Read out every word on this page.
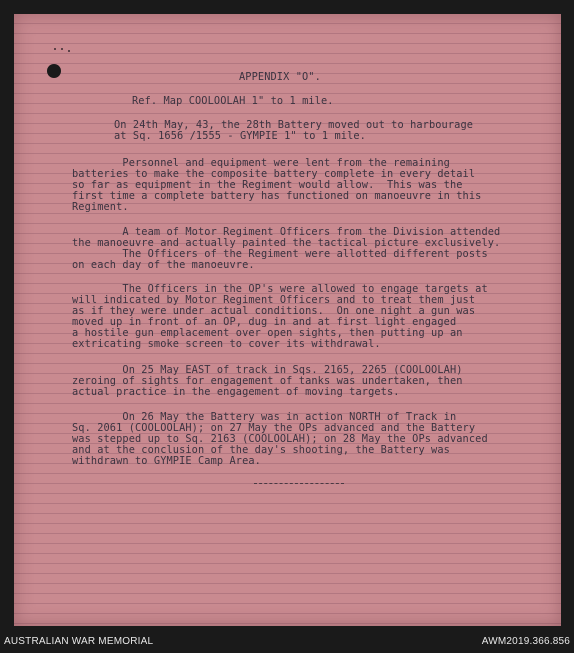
APPENDIX "O".
Ref. Map COOLOOLAH 1" to 1 mile.
On 24th May, 43, the 28th Battery moved out to harbourage
at Sq. 1656 /1555 - GYMPIE 1" to 1 mile.
Personnel and equipment were lent from the remaining
batteries to make the composite battery complete in every detail
so far as equipment in the Regiment would allow.  This was the
first time a complete battery has functioned on manoeuvre in this
Regiment.
A team of Motor Regiment Officers from the Division attended
the manoeuvre and actually painted the tactical picture exclusively.
The Officers of the Regiment were allotted different posts
on each day of the manoeuvre.
The Officers in the OP's were allowed to engage targets at
will indicated by Motor Regiment Officers and to treat them just
as if they were under actual conditions.  On one night a gun was
moved up in front of an OP, dug in and at first light engaged
a hostile gun emplacement over open sights, then putting up an
extricating smoke screen to cover its withdrawal.
On 25 May EAST of track in Sqs. 2165, 2265 (COOLOOLAH)
zeroing of sights for engagement of tanks was undertaken, then
actual practice in the engagement of moving targets.
On 26 May the Battery was in action NORTH of Track in
Sq. 2061 (COOLOOLAH); on 27 May the OPs advanced and the Battery
was stepped up to Sq. 2163 (COOLOOLAH); on 28 May the OPs advanced
and at the conclusion of the day's shooting, the Battery was
withdrawn to GYMPIE Camp Area.
AUSTRALIAN WAR MEMORIAL	AWM2019.366.856
